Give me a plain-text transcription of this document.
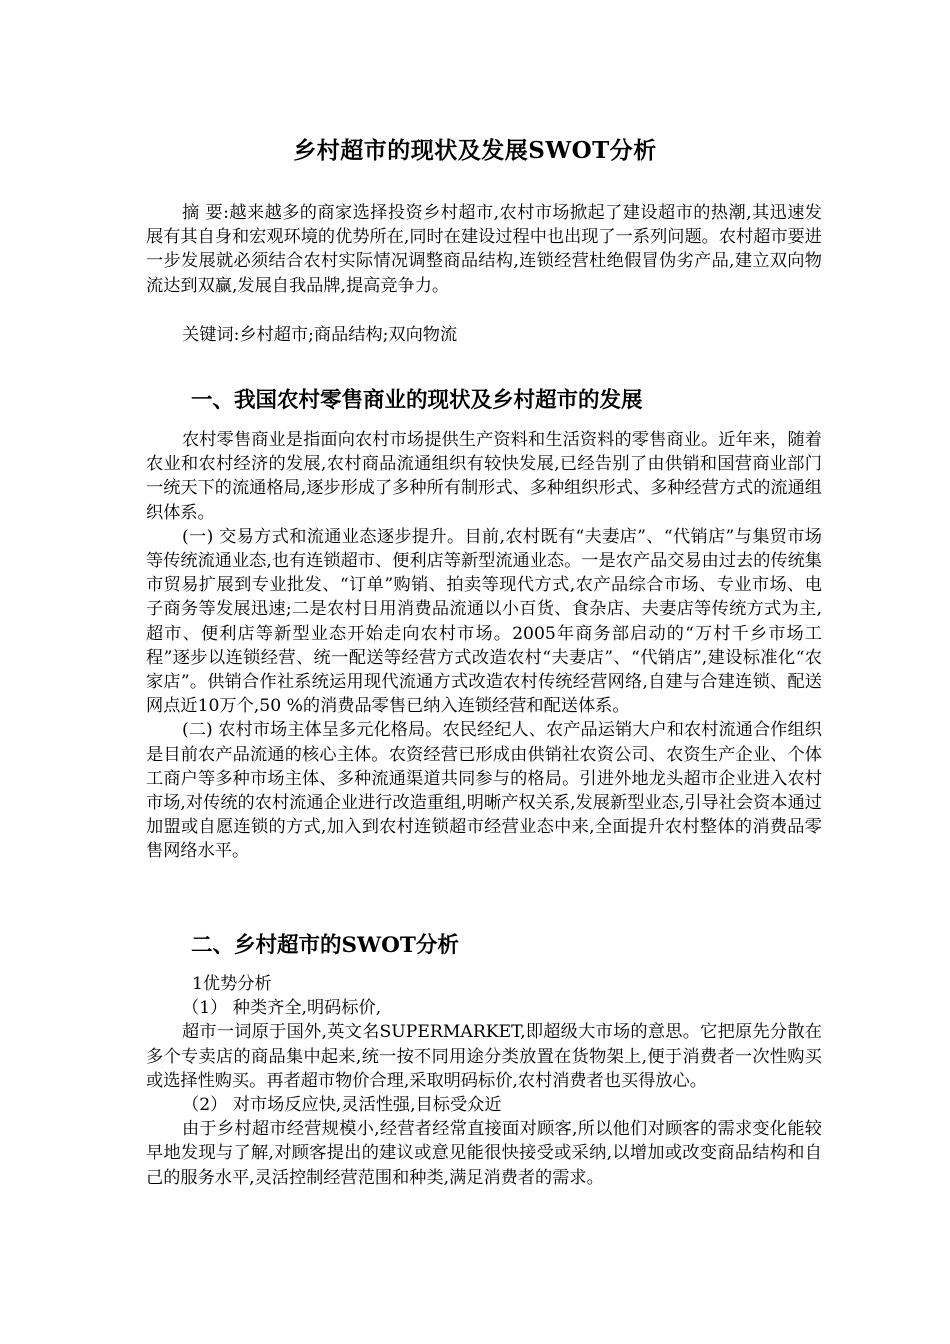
乡村超市的现状及发展SWOT分析

摘 要:越来越多的商家选择投资乡村超市,农村市场掀起了建设超市的热潮,其迅速发展有其自身和宏观环境的优势所在,同时在建设过程中也出现了一系列问题。农村超市要进一步发展就必须结合农村实际情况调整商品结构,连锁经营杜绝假冒伪劣产品,建立双向物流达到双赢,发展自我品牌,提高竞争力。

关键词:乡村超市;商品结构;双向物流

一、我国农村零售商业的现状及乡村超市的发展

农村零售商业是指面向农村市场提供生产资料和生活资料的零售商业。近年来，随着农业和农村经济的发展,农村商品流通组织有较快发展,已经告别了由供销和国营商业部门一统天下的流通格局,逐步形成了多种所有制形式、多种组织形式、多种经营方式的流通组织体系。

(一) 交易方式和流通业态逐步提升。目前,农村既有“夫妻店”、“代销店”与集贸市场等传统流通业态,也有连锁超市、便利店等新型流通业态。一是农产品交易由过去的传统集市贸易扩展到专业批发、“订单”购销、拍卖等现代方式,农产品综合市场、专业市场、电子商务等发展迅速;二是农村日用消费品流通以小百货、食杂店、夫妻店等传统方式为主,超市、便利店等新型业态开始走向农村市场。2005年商务部启动的“万村千乡市场工程”逐步以连锁经营、统一配送等经营方式改造农村“夫妻店”、“代销店”,建设标准化“农家店”。供销合作社系统运用现代流通方式改造农村传统经营网络,自建与合建连锁、配送网点近10万个,50 %的消费品零售已纳入连锁经营和配送体系。

(二) 农村市场主体呈多元化格局。农民经纪人、农产品运销大户和农村流通合作组织是目前农产品流通的核心主体。农资经营已形成由供销社农资公司、农资生产企业、个体工商户等多种市场主体、多种流通渠道共同参与的格局。引进外地龙头超市企业进入农村市场,对传统的农村流通企业进行改造重组,明晰产权关系,发展新型业态,引导社会资本通过加盟或自愿连锁的方式,加入到农村连锁超市经营业态中来,全面提升农村整体的消费品零售网络水平。

二、乡村超市的SWOT分析

1优势分析

（1） 种类齐全,明码标价,

超市一词原于国外,英文名SUPERMARKET,即超级大市场的意思。它把原先分散在多个专卖店的商品集中起来,统一按不同用途分类放置在货物架上,便于消费者一次性购买或选择性购买。再者超市物价合理,采取明码标价,农村消费者也买得放心。

（2） 对市场反应快,灵活性强,目标受众近

由于乡村超市经营规模小,经营者经常直接面对顾客,所以他们对顾客的需求变化能较早地发现与了解,对顾客提出的建议或意见能很快接受或采纳,以增加或改变商品结构和自己的服务水平,灵活控制经营范围和种类,满足消费者的需求。
